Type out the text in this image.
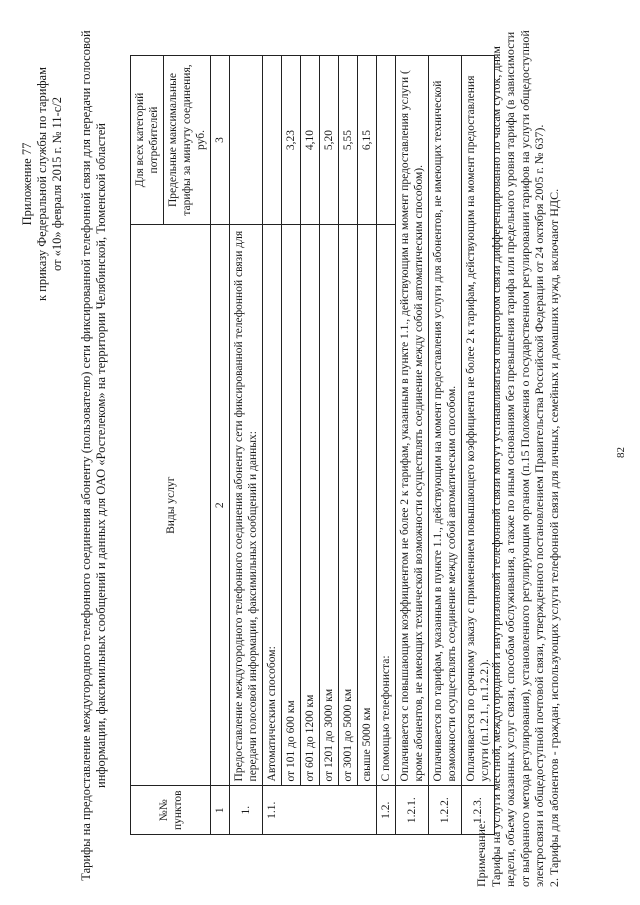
Приложение 77 к приказу Федеральной службы по тарифам от «10» февраля 2015 г. № 11-с/2 Тарифы на предоставление междугородного телефонного соединения абоненту (пользователю) сети фиксированной телефонной связи для передачи голосовой информации, факсимильных сообщений и данных для ОАО «Ростелеком» на территории Челябинской, Тюменской областей
№№ пунктов	Виды услуг	Для всех категорий потребителей
		Предельные максимальные тарифы за минуту соединения, руб.
1	2	3
1.	Предоставление междугородного телефонного соединения абоненту сети фиксированной телефонной связи для передачи голосовой информации, факсимильных сообщений и данных:	
1.1.	Автоматическим способом:	
	от 101 до 600 км	3,23
	от 601 до 1200 км	4,10
	от 1201 до 3000 км	5,20
	от 3001 до 5000 км	5,55
	свыше 5000 км	6,15
1.2.	С помощью телефониста:	
1.2.1.	Оплачивается с повышающим коэффициентом не более 2 к тарифам, указанным в пункте 1.1., действующим на момент предоставления услуги ( кроме абонентов, не имеющих технической возможности осуществлять соединение между собой автоматическим способом).	
1.2.2.	Оплачивается по тарифам, указанным в пункте 1.1., действующим на момент предоставления услуги для абонентов, не имеющих технической возможности осуществлять соединение между собой автоматическим способом.	
1.2.3.	Оплачивается по срочному заказу с применением повышающего коэффициента не более 2 к тарифам, действующим на момент предоставления услуги (п.1.2.1., п.1.2.2.).	

Примечание: Тарифы на услуги местной, междугородной и внутризоновой телефонной связи могут устанавливаться оператором связи дифференцированно по часам суток, дням недели, объему оказанных услуг связи, способам обслуживания, а также по иным основаниям без превышения тарифа или предельного уровня тарифа (в зависимости от выбранного метода регулирования), установленного регулирующим органом (п.15 Положения о государственном регулировании тарифов на услуги общедоступной электросвязи и общедоступной почтовой связи, утвержденного постановлением Правительства Российской Федерации от 24 октября 2005 г. № 637). 2. Тарифы для абонентов - граждан, использующих услуги телефонной связи для личных, семейных и домашних нужд, включают НДС.	82
